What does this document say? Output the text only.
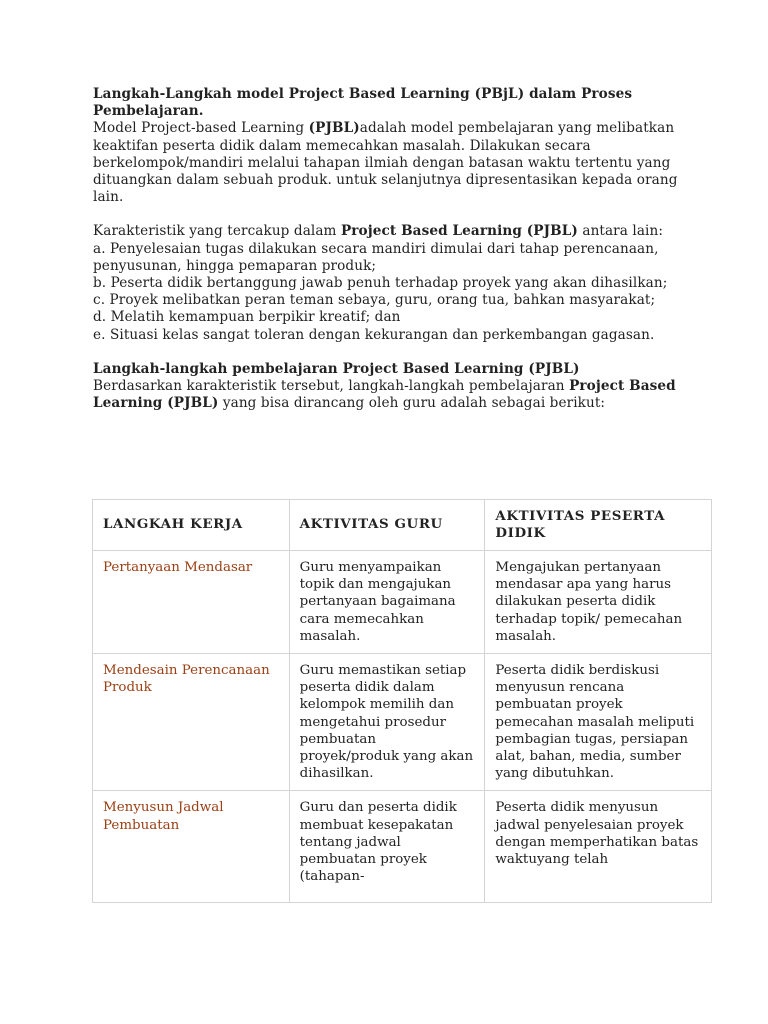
Langkah-Langkah model Project Based Learning (PBjL) dalam Proses Pembelajaran.

Model Project-based Learning (PJBL)adalah model pembelajaran yang melibatkan keaktifan peserta didik dalam memecahkan masalah. Dilakukan secara berkelompok/mandiri melalui tahapan ilmiah dengan batasan waktu tertentu yang dituangkan dalam sebuah produk. untuk selanjutnya dipresentasikan kepada orang lain.

Karakteristik yang tercakup dalam Project Based Learning (PJBL) antara lain:

a. Penyelesaian tugas dilakukan secara mandiri dimulai dari tahap perencanaan, penyusunan, hingga pemaparan produk;

b. Peserta didik bertanggung jawab penuh terhadap proyek yang akan dihasilkan;

c. Proyek melibatkan peran teman sebaya, guru, orang tua, bahkan masyarakat;

d. Melatih kemampuan berpikir kreatif; dan

e. Situasi kelas sangat toleran dengan kekurangan dan perkembangan gagasan.

Langkah-langkah pembelajaran Project Based Learning (PJBL)

Berdasarkan karakteristik tersebut, langkah-langkah pembelajaran Project Based Learning (PJBL) yang bisa dirancang oleh guru adalah sebagai berikut:

LANGKAH KERJA	AKTIVITAS GURU	AKTIVITAS PESERTA DIDIK
Pertanyaan Mendasar	Guru menyampaikan topik dan mengajukan pertanyaan bagaimana cara memecahkan masalah.	Mengajukan pertanyaan mendasar apa yang harus dilakukan peserta didik terhadap topik/ pemecahan masalah.
Mendesain Perencanaan Produk	Guru memastikan setiap peserta didik dalam kelompok memilih dan mengetahui prosedur pembuatan proyek/produk yang akan dihasilkan.	Peserta didik berdiskusi menyusun rencana pembuatan proyek pemecahan masalah meliputi pembagian tugas, persiapan alat, bahan, media, sumber yang dibutuhkan.
Menyusun Jadwal Pembuatan	Guru dan peserta didik membuat kesepakatan tentang jadwal pembuatan proyek (tahapan-	Peserta didik menyusun jadwal penyelesaian proyek dengan memperhatikan batas waktuyang telah
